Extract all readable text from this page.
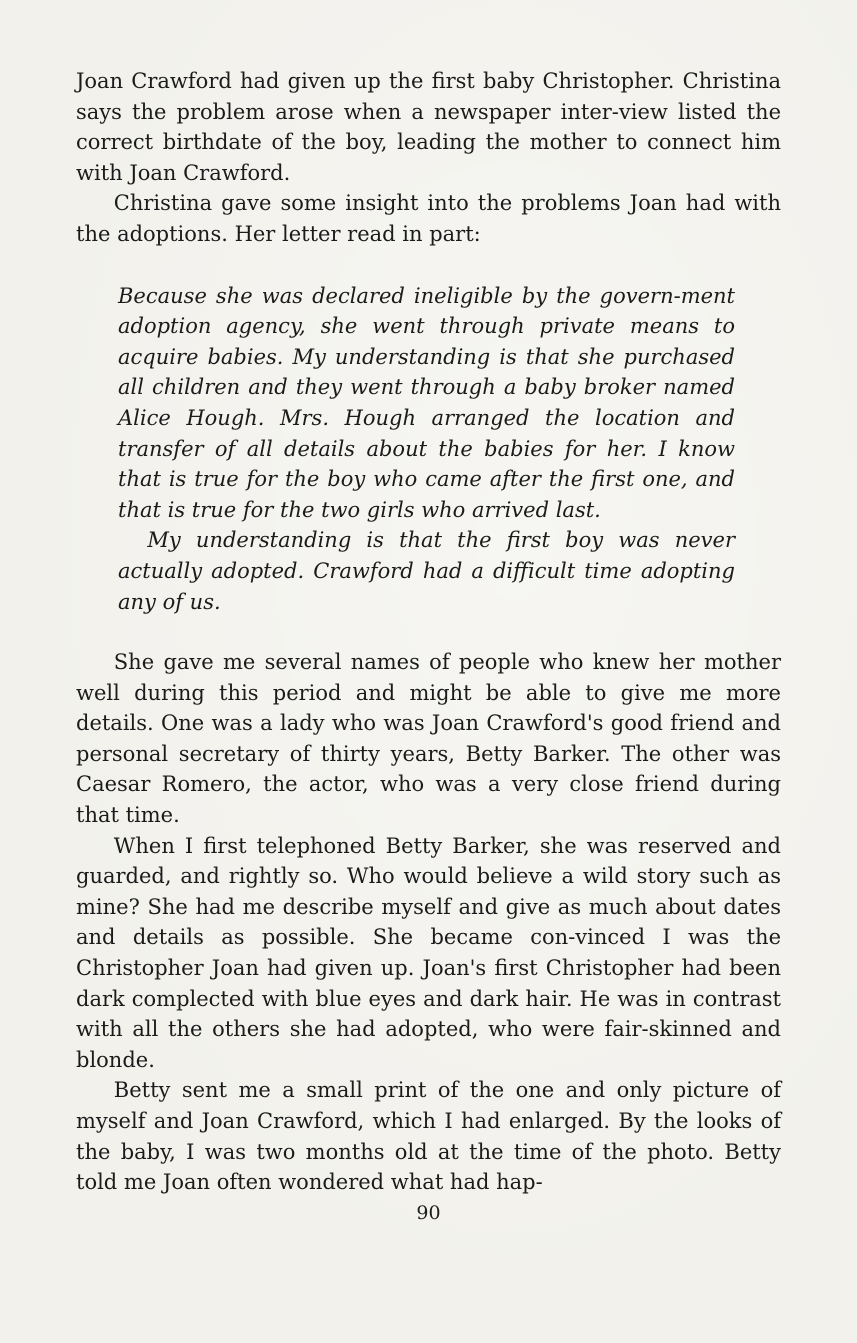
Joan Crawford had given up the first baby Christopher. Christina says the problem arose when a newspaper inter-view listed the correct birthdate of the boy, leading the mother to connect him with Joan Crawford.

Christina gave some insight into the problems Joan had with the adoptions. Her letter read in part:

Because she was declared ineligible by the govern-ment adoption agency, she went through private means to acquire babies. My understanding is that she purchased all children and they went through a baby broker named Alice Hough. Mrs. Hough arranged the location and transfer of all details about the babies for her. I know that is true for the boy who came after the first one, and that is true for the two girls who arrived last.

My understanding is that the first boy was never actually adopted. Crawford had a difficult time adopting any of us.

She gave me several names of people who knew her mother well during this period and might be able to give me more details. One was a lady who was Joan Crawford's good friend and personal secretary of thirty years, Betty Barker. The other was Caesar Romero, the actor, who was a very close friend during that time.

When I first telephoned Betty Barker, she was reserved and guarded, and rightly so. Who would believe a wild story such as mine? She had me describe myself and give as much about dates and details as possible. She became con-vinced I was the Christopher Joan had given up. Joan's first Christopher had been dark complected with blue eyes and dark hair. He was in contrast with all the others she had adopted, who were fair-skinned and blonde.

Betty sent me a small print of the one and only picture of myself and Joan Crawford, which I had enlarged. By the looks of the baby, I was two months old at the time of the photo. Betty told me Joan often wondered what had hap-

90
